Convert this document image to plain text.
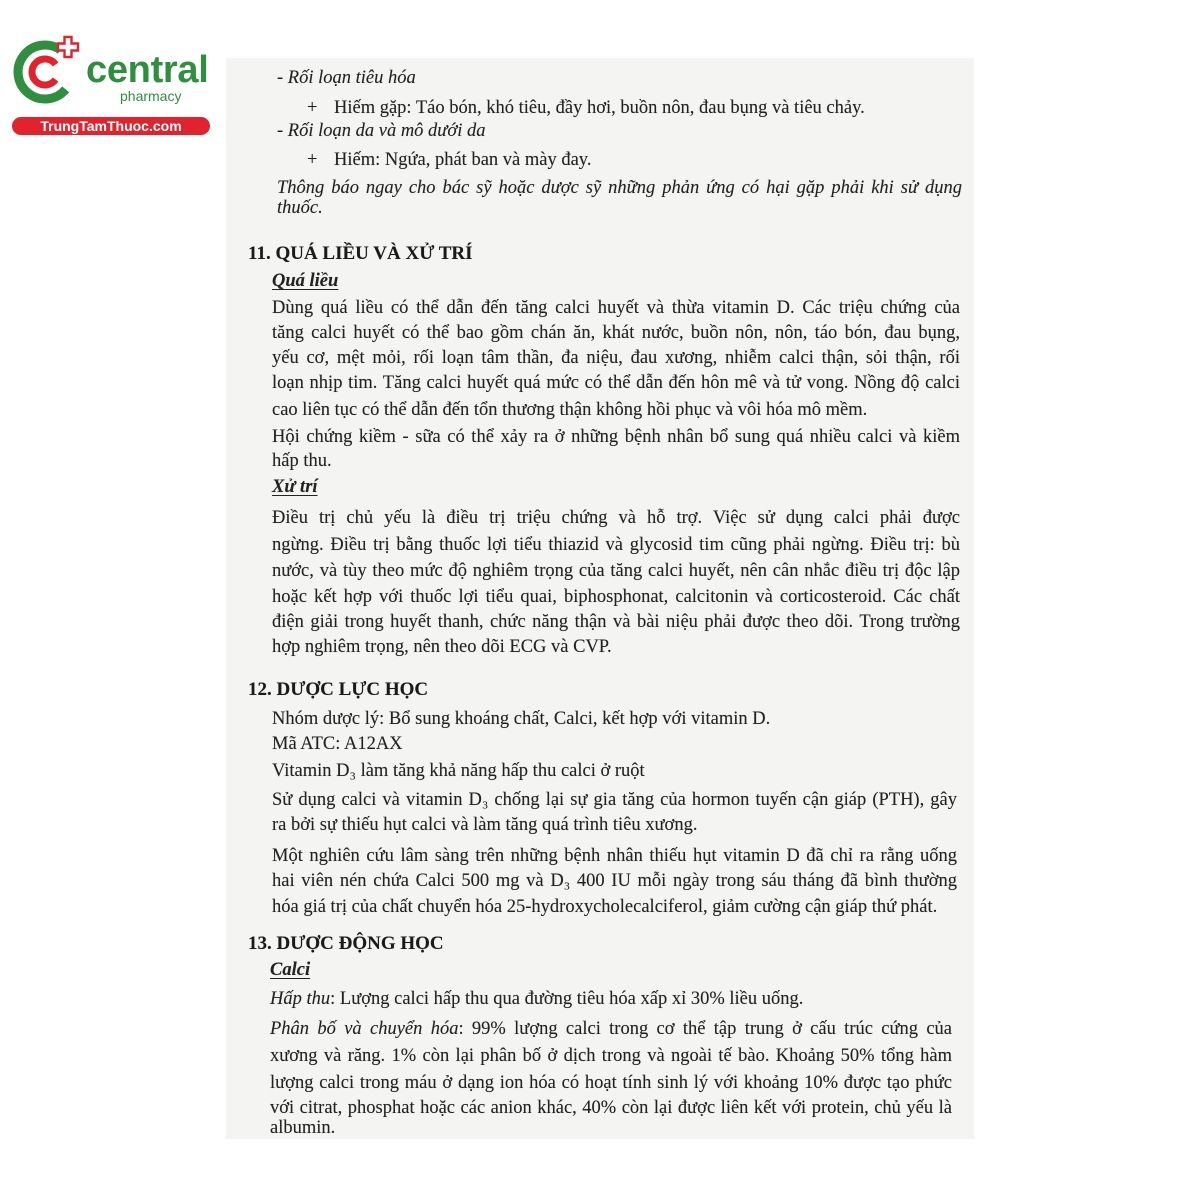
central
pharmacy
TrungTamThuoc.com
- Rối loạn tiêu hóa
+ Hiếm gặp: Táo bón, khó tiêu, đầy hơi, buồn nôn, đau bụng và tiêu chảy.
- Rối loạn da và mô dưới da
+ Hiếm: Ngứa, phát ban và mày đay.
Thông báo ngay cho bác sỹ hoặc dược sỹ những phản ứng có hại gặp phải khi sử dụng
thuốc.
11. QUÁ LIỀU VÀ XỬ TRÍ
Quá liều
Dùng quá liều có thể dẫn đến tăng calci huyết và thừa vitamin D. Các triệu chứng của
tăng calci huyết có thể bao gồm chán ăn, khát nước, buồn nôn, nôn, táo bón, đau bụng,
yếu cơ, mệt mỏi, rối loạn tâm thần, đa niệu, đau xương, nhiễm calci thận, sỏi thận, rối
loạn nhịp tim. Tăng calci huyết quá mức có thể dẫn đến hôn mê và tử vong. Nồng độ calci
cao liên tục có thể dẫn đến tổn thương thận không hồi phục và vôi hóa mô mềm.
Hội chứng kiềm - sữa có thể xảy ra ở những bệnh nhân bổ sung quá nhiều calci và kiềm
hấp thu.
Xử trí
Điều trị chủ yếu là điều trị triệu chứng và hỗ trợ. Việc sử dụng calci phải được
ngừng. Điều trị bằng thuốc lợi tiểu thiazid và glycosid tim cũng phải ngừng. Điều trị: bù
nước, và tùy theo mức độ nghiêm trọng của tăng calci huyết, nên cân nhắc điều trị độc lập
hoặc kết hợp với thuốc lợi tiểu quai, biphosphonat, calcitonin và corticosteroid. Các chất
điện giải trong huyết thanh, chức năng thận và bài niệu phải được theo dõi. Trong trường
hợp nghiêm trọng, nên theo dõi ECG và CVP.
12. DƯỢC LỰC HỌC
Nhóm dược lý: Bổ sung khoáng chất, Calci, kết hợp với vitamin D.
Mã ATC: A12AX
Vitamin D₃ làm tăng khả năng hấp thu calci ở ruột
Sử dụng calci và vitamin D₃ chống lại sự gia tăng của hormon tuyến cận giáp (PTH), gây
ra bởi sự thiếu hụt calci và làm tăng quá trình tiêu xương.
Một nghiên cứu lâm sàng trên những bệnh nhân thiếu hụt vitamin D đã chỉ ra rằng uống
hai viên nén chứa Calci 500 mg và D₃ 400 IU mỗi ngày trong sáu tháng đã bình thường
hóa giá trị của chất chuyển hóa 25-hydroxycholecalciferol, giảm cường cận giáp thứ phát.
13. DƯỢC ĐỘNG HỌC
Calci
Hấp thu: Lượng calci hấp thu qua đường tiêu hóa xấp xỉ 30% liều uống.
Phân bố và chuyển hóa: 99% lượng calci trong cơ thể tập trung ở cấu trúc cứng của
xương và răng. 1% còn lại phân bố ở dịch trong và ngoài tế bào. Khoảng 50% tổng hàm
lượng calci trong máu ở dạng ion hóa có hoạt tính sinh lý với khoảng 10% được tạo phức
với citrat, phosphat hoặc các anion khác, 40% còn lại được liên kết với protein, chủ yếu là
albumin.
